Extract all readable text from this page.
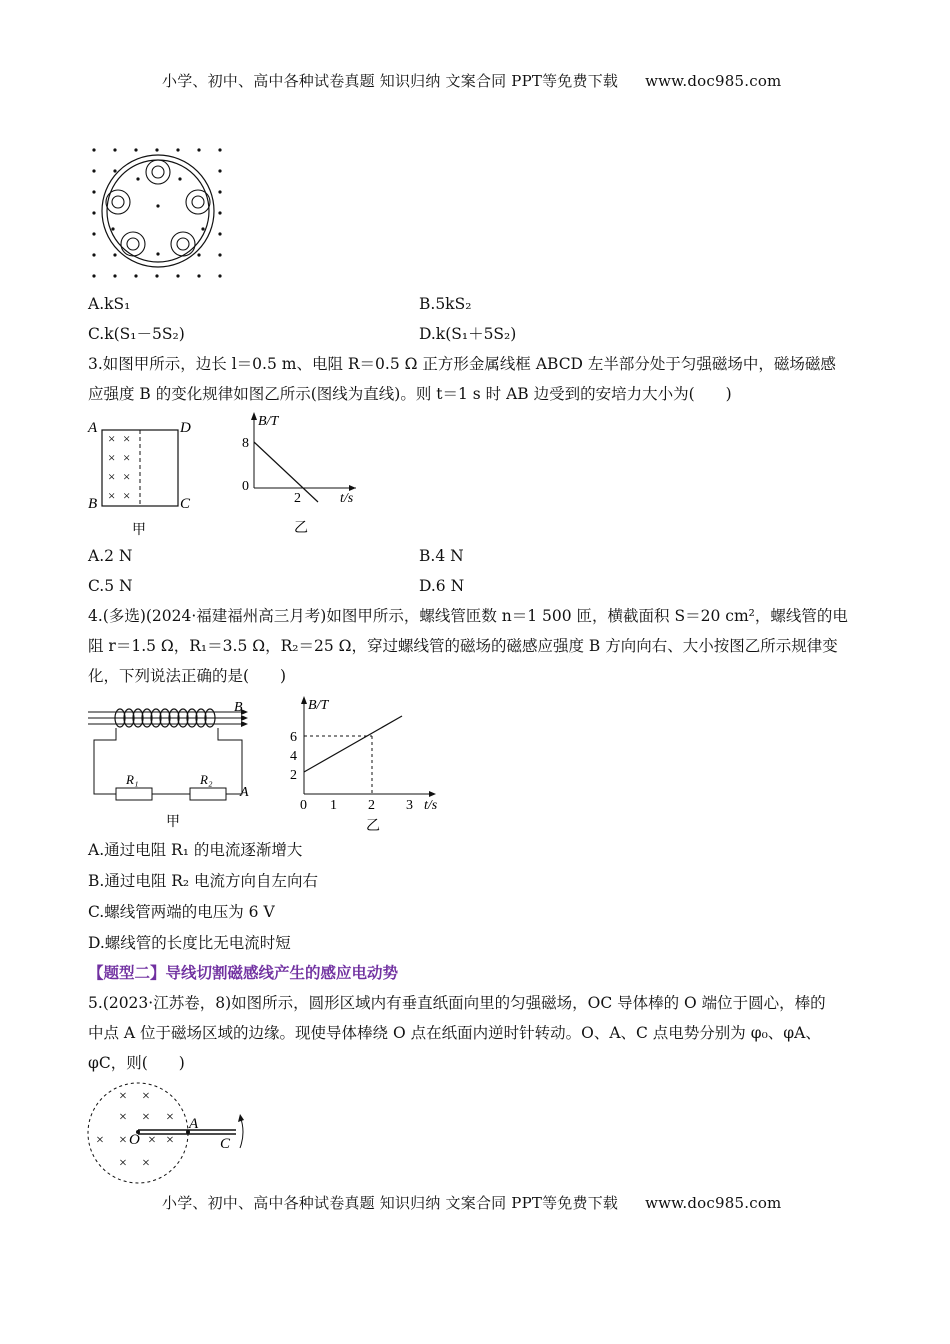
小学、初中、高中各种试卷真题 知识归纳 文案合同 PPT等免费下载 www.doc985.com
A.kS₁	B.5kS₂
C.k(S₁－5S₂)	D.k(S₁＋5S₂)
3.如图甲所示，边长 l＝0.5 m、电阻 R＝0.5 Ω 正方形金属线框 ABCD 左半部分处于匀强磁场中，磁场磁感
应强度 B 的变化规律如图乙所示(图线为直线)。则 t＝1 s 时 AB 边受到的安培力大小为(　　)
× ×
× ×
× ×
× ×
A	D
B	C
甲
B/T
8
0
2	t/s
乙
A.2 N	B.4 N
C.5 N	D.6 N
4.(多选)(2024·福建福州高三月考)如图甲所示，螺线管匝数 n＝1 500 匝，横截面积 S＝20 cm²，螺线管的电
阻 r＝1.5 Ω，R₁＝3.5 Ω，R₂＝25 Ω，穿过螺线管的磁场的磁感应强度 B 方向向右、大小按图乙所示规律变
化，下列说法正确的是(　　)
B
R₁	R₂
A
甲
B/T
6
4
2
0 1 2 3 t/s
乙
A.通过电阻 R₁ 的电流逐渐增大
B.通过电阻 R₂ 电流方向自左向右
C.螺线管两端的电压为 6 V
D.螺线管的长度比无电流时短
【题型二】导线切割磁感线产生的感应电动势
5.(2023·江苏卷，8)如图所示，圆形区域内有垂直纸面向里的匀强磁场，OC 导体棒的 O 端位于圆心，棒的
中点 A 位于磁场区域的边缘。现使导体棒绕 O 点在纸面内逆时针转动。O、A、C 点电势分别为 φ₀、φA、
φC，则(　　)
× ×
× × ×
× × × ×
× ×
O
A
C
小学、初中、高中各种试卷真题 知识归纳 文案合同 PPT等免费下载 www.doc985.com
